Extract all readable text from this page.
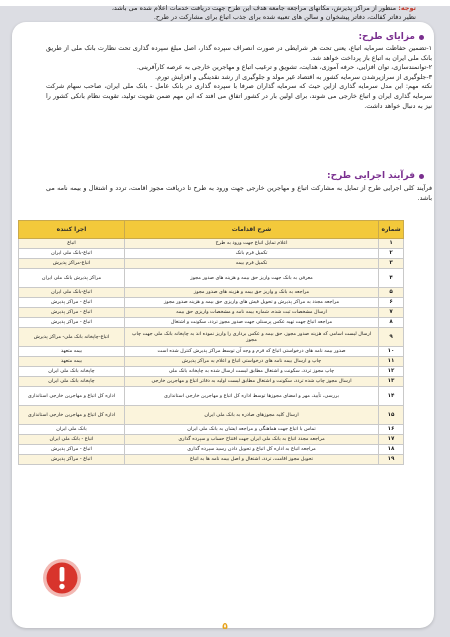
مزایای طرح:

۱-تضمین حفاظت سرمایه اتباع، یعنی تحت هر شرایطی در صورت انصراف سپرده گذار، اصل مبلغ سپرده گذاری تحت نظارت بانک ملی از طریق بانک ملی ایران به اتباع باز پرداخت خواهد شد.

۲-توانمندسازی، توان افزایی، حرفه آموزی، هدایت، تشویق و ترغیب اتباع و مهاجرین خارجی به عرصه کارآفرینی.

۳-جلوگیری از سرازیرشدن سرمایه کشور به اقتصاد غیر مولد و جلوگیری از رشد نقدینگی و افزایش تورم.

نکته مهم: این مدل سرمایه گذاری ازاین حیث که سرمایه گذاران صرفا با سپرده گذاری در بانک عامل - بانک ملی ایران، صاحب سهام شرکت سرمایه گذاری ایران و اتباع خارجی می شوند، برای اولین بار در کشور اتفاق می افتد که این مهم ضمن تقویت تولید، تقویت نظام بانکی کشور را نیز به دنبال خواهد داشت.

فرآیند اجرایی طرح:

فرآیند کلی اجرایی طرح از تمایل به مشارکت اتباع و مهاجرین خارجی جهت ورود به طرح تا دریافت مجوز اقامت، تردد و اشتغال و بیمه نامه می باشد.

شماره	شرح اقدامات	اجرا کننده
۱	اعلام تمایل اتباع جهت ورود به طرح	اتباع
۲	تکمیل فرم بانک	اتباع-بانک ملی ایران
۳	تکمیل فرم بیمه	اتباع-مراکز پذیرش
۴	معرفی به بانک جهت واریز حق بیمه و هزینه های صدور مجوز	مراکز پذیرش بانک ملی ایران
۵	مراجعه به بانک و واریز حق بیمه و هزینه های صدور مجوز	اتباع-بانک ملی ایران
۶	مراجعه مجدد به مراکز پذیرش و تحویل فیش های واریزی حق بیمه و هزینه صدور مجوز	اتباع - مراکز پذیرش
۷	ارسال مشخصات ثبت شده، شماره بیمه نامه و مشخصات واریزی حق بیمه	اتباع - مراکز پذیرش
۸	مراجعه اتباع جهت تهیه عکس پرسنلی جهت صدور مجوز تردد، سکونت و اشتغال	اتباع - مراکز پذیرش
۹	ارسال لیست اسامی که هزینه صدور مجوز، حق بیمه و عکس برداری را واریز نموده اند به چاپخانه بانک ملی جهت چاپ مجوز	اتباع-چاپخانه بانک ملی- مراکز پذیرش
۱۰	صدور بیمه نامه های درخواستی اتباع که فرم و وجه آن توسط مراکز پذیرش کنترل شده است	بیمه متعهد
۱۱	چاپ و ارسال بیمه نامه های درخواستی اتباع و اعلام به مراکز پذیرش	بیمه متعهد
۱۲	چاپ مجوز تردد، سکونت و اشتغال مطابق لیست ارسال شده به چاپخانه بانک ملی	چاپخانه بانک ملی ایران
۱۳	ارسال مجوز چاپ شده تردد، سکونت و اشتغال مطابق لیست اولیه به دفاتر اتباع و مهاجرین خارجی	چاپخانه بانک ملی ایران
۱۴	بررسی، تأیید، مهر و امضای مجوزها توسط اداره کل اتباع و مهاجرین خارجی استانداری	اداره کل اتباع و مهاجرین خارجی استانداری
۱۵	ارسال کلیه مجوزهای صادره به بانک ملی ایران	اداره کل اتباع و مهاجرین خارجی استانداری
۱۶	تماس با اتباع جهت هماهنگی و مراجعه ایشان به بانک ملی ایران	بانک ملی ایران
۱۷	مراجعه مجدد اتباع به بانک ملی ایران جهت افتتاح حساب و سپرده گذاری	اتباع - بانک ملی ایران
۱۸	مراجعه اتباع به اداره کل اتباع و تحویل دادن رسید سپرده گذاری	اتباع - مراکز پذیرش
۱۹	تحویل مجوز اقامت، تردد، اشتغال و اصل بیمه نامه ها به اتباع	اتباع - مراکز پذیرش
توجه: منظور از مراکز پذیرش، مکانهای مراجعه جامعه هدف این طرح جهت دریافت خدمات اعلام شده می باشد، نظیر دفاتر کفالت، دفاتر پیشخوان و سالن های تعبیه شده برای جذب اتباع برای مشارکت در طرح.
۵
